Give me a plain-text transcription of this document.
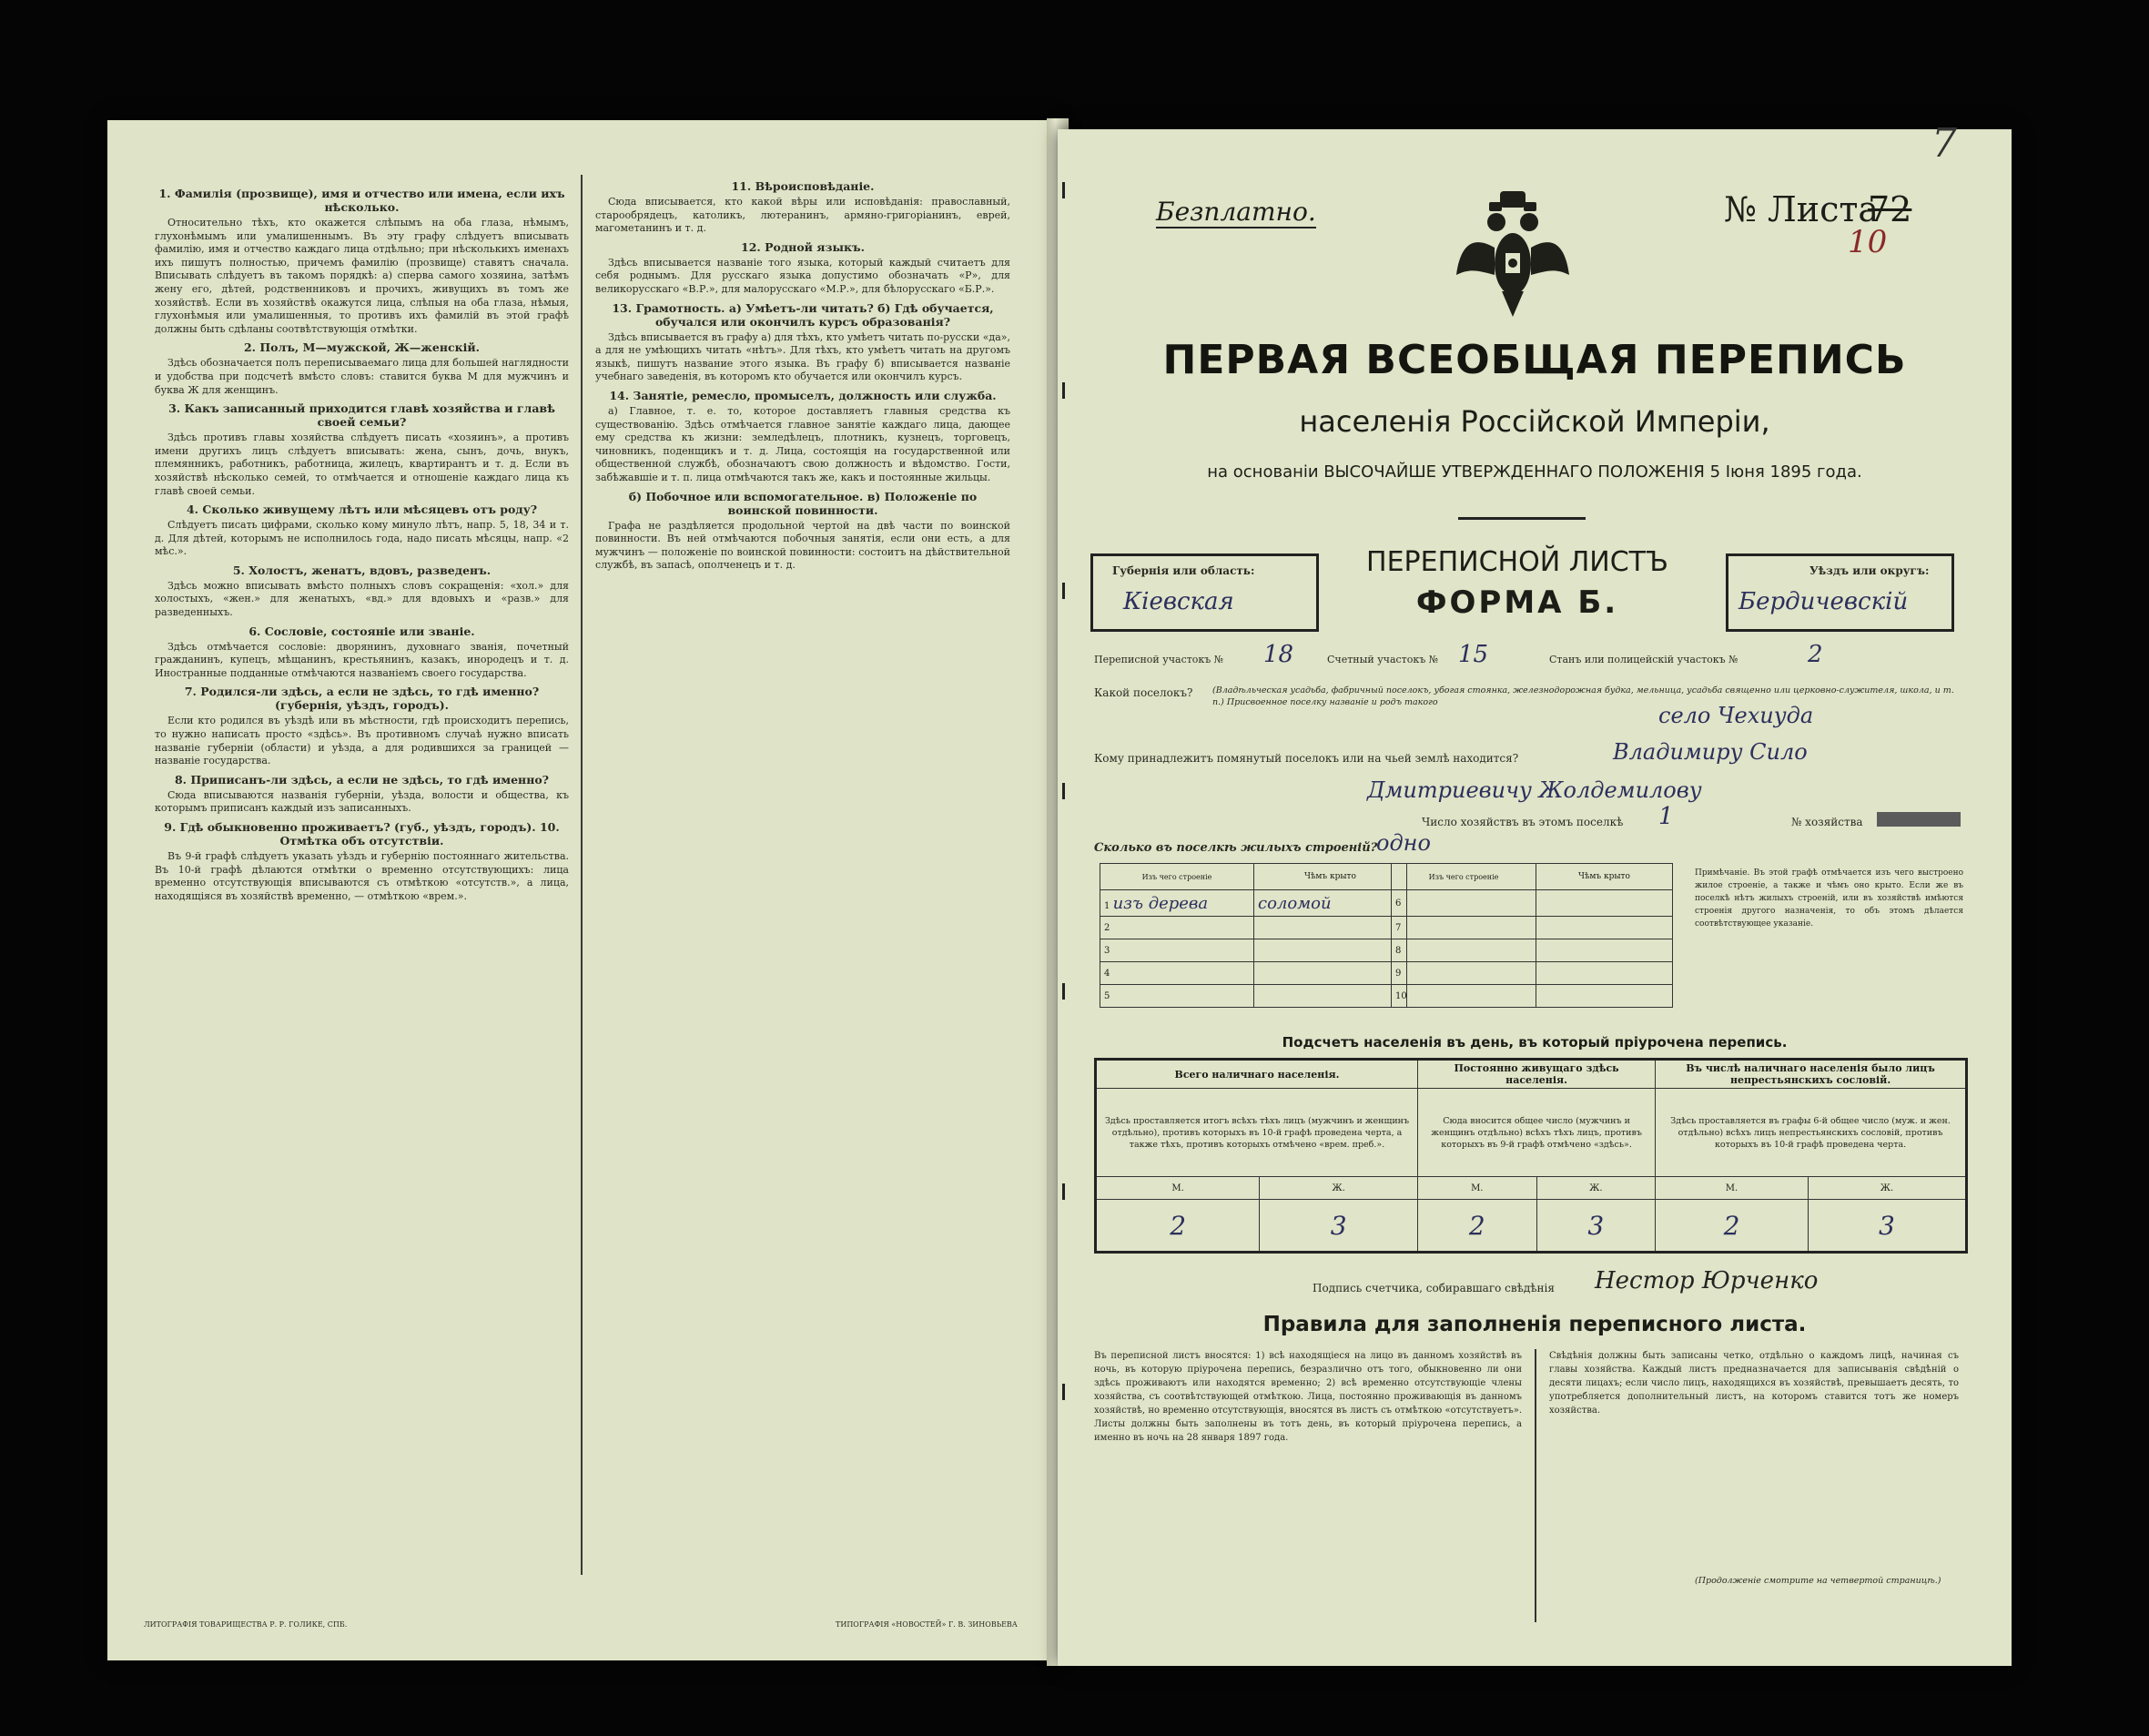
1. Фамилія (прозвище), имя и отчество или имена, если ихъ нѣсколько.

Относительно тѣхъ, кто окажется слѣпымъ на оба глаза, нѣмымъ, глухонѣмымъ или умалишеннымъ. Въ эту графу слѣдуетъ вписывать фамилію, имя и отчество каждаго лица отдѣльно; при нѣсколькихъ именахъ ихъ пишутъ полностью, причемъ фамилію (прозвище) ставятъ сначала. Вписывать слѣдуетъ въ такомъ порядкѣ: а) сперва самого хозяина, затѣмъ жену его, дѣтей, родственниковъ и прочихъ, живущихъ въ томъ же хозяйствѣ. Если въ хозяйствѣ окажутся лица, слѣпыя на оба глаза, нѣмыя, глухонѣмыя или умалишенныя, то противъ ихъ фамилій въ этой графѣ должны быть сдѣланы соотвѣтствующія отмѣтки.

2. Полъ, М—мужской, Ж—женскій.

Здѣсь обозначается полъ переписываемаго лица для большей наглядности и удобства при подсчетѣ вмѣсто словъ: ставится буква М для мужчинъ и буква Ж для женщинъ.

3. Какъ записанный приходится главѣ хозяйства и главѣ своей семьи?

Здѣсь противъ главы хозяйства слѣдуетъ писать «хозяинъ», а противъ имени другихъ лицъ слѣдуетъ вписывать: жена, сынъ, дочь, внукъ, племянникъ, работникъ, работница, жилецъ, квартирантъ и т. д. Если въ хозяйствѣ нѣсколько семей, то отмѣчается и отношеніе каждаго лица къ главѣ своей семьи.

4. Сколько живущему лѣтъ или мѣсяцевъ отъ роду?

Слѣдуетъ писать цифрами, сколько кому минуло лѣтъ, напр. 5, 18, 34 и т. д. Для дѣтей, которымъ не исполнилось года, надо писать мѣсяцы, напр. «2 мѣс.».

5. Холостъ, женатъ, вдовъ, разведенъ.

Здѣсь можно вписывать вмѣсто полныхъ словъ сокращенія: «хол.» для холостыхъ, «жен.» для женатыхъ, «вд.» для вдовыхъ и «разв.» для разведенныхъ.

6. Сословіе, состояніе или званіе.

Здѣсь отмѣчается сословіе: дворянинъ, духовнаго званія, почетный гражданинъ, купецъ, мѣщанинъ, крестьянинъ, казакъ, инородецъ и т. д. Иностранные подданные отмѣчаются названіемъ своего государства.

7. Родился-ли здѣсь, а если не здѣсь, то гдѣ именно? (губернія, уѣздъ, городъ).

Если кто родился въ уѣздѣ или въ мѣстности, гдѣ происходитъ перепись, то нужно написать просто «здѣсь». Въ противномъ случаѣ нужно вписать названіе губерніи (области) и уѣзда, а для родившихся за границей — названіе государства.

8. Приписанъ-ли здѣсь, а если не здѣсь, то гдѣ именно?

Сюда вписываются названія губерніи, уѣзда, волости и общества, къ которымъ приписанъ каждый изъ записанныхъ.

9. Гдѣ обыкновенно проживаетъ? (губ., уѣздъ, городъ). 10. Отмѣтка объ отсутствіи.

Въ 9-й графѣ слѣдуетъ указать уѣздъ и губернію постояннаго жительства. Въ 10-й графѣ дѣлаются отмѣтки о временно отсутствующихъ: лица временно отсутствующія вписываются съ отмѣткою «отсутств.», а лица, находящіяся въ хозяйствѣ временно, — отмѣткою «врем.».

11. Вѣроисповѣданіе.

Сюда вписывается, кто какой вѣры или исповѣданія: православный, старообрядецъ, католикъ, лютеранинъ, армяно-григоріанинъ, еврей, магометанинъ и т. д.

12. Родной языкъ.

Здѣсь вписывается названіе того языка, который каждый считаетъ для себя роднымъ. Для русскаго языка допустимо обозначать «Р», для великорусскаго «В.Р.», для малорусскаго «М.Р.», для бѣлорусскаго «Б.Р.».

13. Грамотность. а) Умѣетъ-ли читать? б) Гдѣ обучается, обучался или окончилъ курсъ образованія?

Здѣсь вписывается въ графу а) для тѣхъ, кто умѣетъ читать по-русски «да», а для не умѣющихъ читать «нѣтъ». Для тѣхъ, кто умѣетъ читать на другомъ языкѣ, пишутъ название этого языка. Въ графу б) вписывается названіе учебнаго заведенія, въ которомъ кто обучается или окончилъ курсъ.

14. Занятіе, ремесло, промыселъ, должность или служба.

а) Главное, т. е. то, которое доставляетъ главныя средства къ существованію. Здѣсь отмѣчается главное занятіе каждаго лица, дающее ему средства къ жизни: земледѣлецъ, плотникъ, кузнецъ, торговецъ, чиновникъ, поденщикъ и т. д. Лица, состоящія на государственной или общественной службѣ, обозначаютъ свою должность и вѣдомство. Гости, забѣжавшіе и т. п. лица отмѣчаются такъ же, какъ и постоянные жильцы.

б) Побочное или вспомогательное. в) Положеніе по воинской повинности.

Графа не раздѣляется продольной чертой на двѣ части по воинской повинности. Въ ней отмѣчаются побочныя занятія, если они есть, а для мужчинъ — положеніе по воинской повинности: состоитъ на дѣйствительной службѣ, въ запасѣ, ополченецъ и т. д.

ЛИТОГРАФІЯ ТОВАРИЩЕСТВА Р. Р. ГОЛИКЕ, СПБ.	ТИПОГРАФІЯ «НОВОСТЕЙ» Г. В. ЗИНОВЬЕВА
7
Безплатно.	№ Листа
72
10
ПЕРВАЯ ВСЕОБЩАЯ ПЕРЕПИСЬ
населенія Россійской Имперіи,
на основаніи ВЫСОЧАЙШЕ УТВЕРЖДЕННАГО ПОЛОЖЕНІЯ 5 Іюня 1895 года.
Губернія или область:
Кіевская
ПЕРЕПИСНОЙ ЛИСТЪ
ФОРМА Б.
Уѣздъ или округъ:
Бердичевскій
Переписной участокъ № 18	Счетный участокъ № 15	Станъ или полицейскій участокъ №	2
Какой поселокъ? (Владѣльческая усадьба, фабричный поселокъ, убогая стоянка, железнодорожная будка, мельница, усадьба священно или церковно-служителя, школа, и т. п.) Присвоенное поселку названіе и родъ такого
село Чехиуда
Кому принадлежитъ помянутый поселокъ или на чьей землѣ находится?	Владимиру Сило
Дмитриевичу Жолдемилову
Число хозяйствъ въ этомъ поселкѣ 1	№ хозяйства
Сколько въ поселкѣ жилыхъ строеній?
одно
Изъ чего строеніе	Чѣмъ крыто
1 изъ дерева	соломой
2	
3	
4	
5	
Изъ чего строеніе	Чѣмъ крыто
6	
7	
8	
9	
10	
Примѣчаніе. Въ этой графѣ отмѣчается изъ чего выстроено жилое строеніе, а также и чѣмъ оно крыто. Если же въ поселкѣ нѣтъ жилыхъ строеній, или въ хозяйствѣ имѣются строенія другого назначенія, то объ этомъ дѣлается соотвѣтствующее указаніе.
Подсчетъ населенія въ день, въ который пріурочена перепись.
Всего наличнаго населенія.		Постоянно живущаго здѣсь населенія.		Въ числѣ наличнаго населенія было лицъ непрестьянскихъ сословій.	
Здѣсь проставляется итогъ всѣхъ тѣхъ лицъ (мужчинъ и женщинъ отдѣльно), противъ которыхъ въ 10-й графѣ проведена черта, а также тѣхъ, противъ которыхъ отмѣчено «врем. преб.».		Сюда вносится общее число (мужчинъ и женщинъ отдѣльно) всѣхъ тѣхъ лицъ, противъ которыхъ въ 9-й графѣ отмѣчено «здѣсь».		Здѣсь проставляется въ графы 6-й общее число (муж. и жен. отдѣльно) всѣхъ лицъ непрестьянскихъ сословій, противъ которыхъ въ 10-й графѣ проведена черта.	
М.	Ж.	М.	Ж.	М.	Ж.
2	3	2	3	2	3
Подпись счетчика, собиравшаго свѣдѣнія Нестор Юрченко
Правила для заполненія переписного листа.
Въ переписной листъ вносятся: 1) всѣ находящіеся на лицо въ данномъ хозяйствѣ въ ночь, въ которую пріурочена перепись, безразлично отъ того, обыкновенно ли они здѣсь проживаютъ или находятся временно; 2) всѣ временно отсутствующіе члены хозяйства, съ соотвѣтствующей отмѣткою. Лица, постоянно проживающія въ данномъ хозяйствѣ, но временно отсутствующія, вносятся въ листъ съ отмѣткою «отсутствуетъ». Листы должны быть заполнены въ тотъ день, въ который пріурочена перепись, а именно въ ночь на 28 января 1897 года.
Свѣдѣнія должны быть записаны четко, отдѣльно о каждомъ лицѣ, начиная съ главы хозяйства. Каждый листъ предназначается для записыванія свѣдѣній о десяти лицахъ; если число лицъ, находящихся въ хозяйствѣ, превышаетъ десять, то употребляется дополнительный листъ, на которомъ ставится тотъ же номеръ хозяйства.
(Продолженіе смотрите на четвертой страницѣ.)
